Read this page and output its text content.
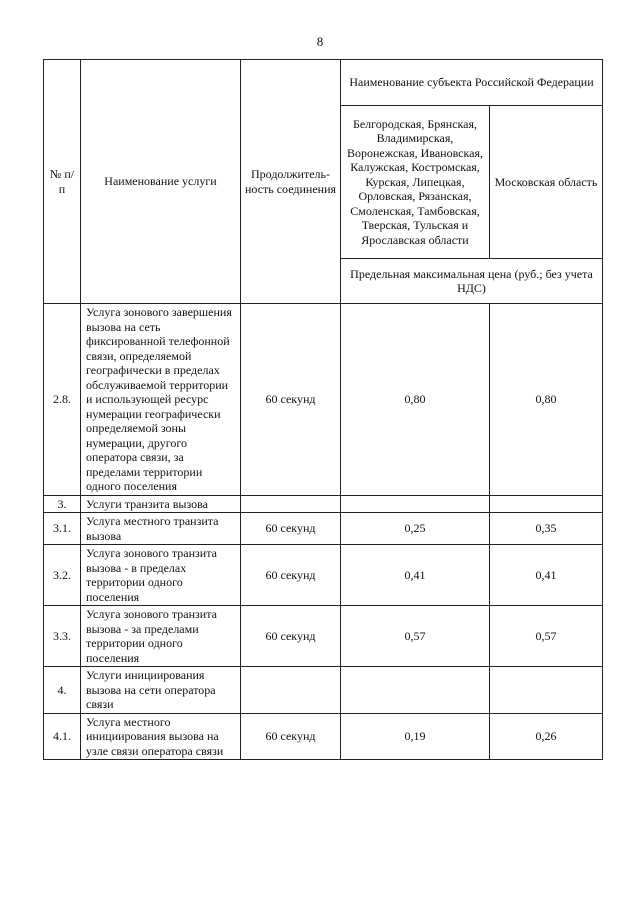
8
№ п/п	Наименование услуги	Продолжитель-ность соединения	Наименование субъекта Российской Федерации	
			Белгородская, Брянская, Владимирская, Воронежская, Ивановская, Калужская, Костромская, Курская, Липецкая, Орловская, Рязанская, Смоленская, Тамбовская, Тверская, Тульская и Ярославская области	Московская область
			Предельная максимальная цена (руб.; без учета НДС)	
2.8.	Услуга зонового завершения вызова на сеть фиксированной телефонной связи, определяемой географически в пределах обслуживаемой территории и использующей ресурс нумерации географически определяемой зоны нумерации, другого оператора связи, за пределами территории одного поселения	60 секунд	0,80	0,80
3.	Услуги транзита вызова			
3.1.	Услуга местного транзита вызова	60 секунд	0,25	0,35
3.2.	Услуга зонового транзита вызова - в пределах территории одного поселения	60 секунд	0,41	0,41
3.3.	Услуга зонового транзита вызова - за пределами территории одного поселения	60 секунд	0,57	0,57
4.	Услуги инициирования вызова на сети оператора связи			
4.1.	Услуга местного инициирования вызова на узле связи оператора связи	60 секунд	0,19	0,26
